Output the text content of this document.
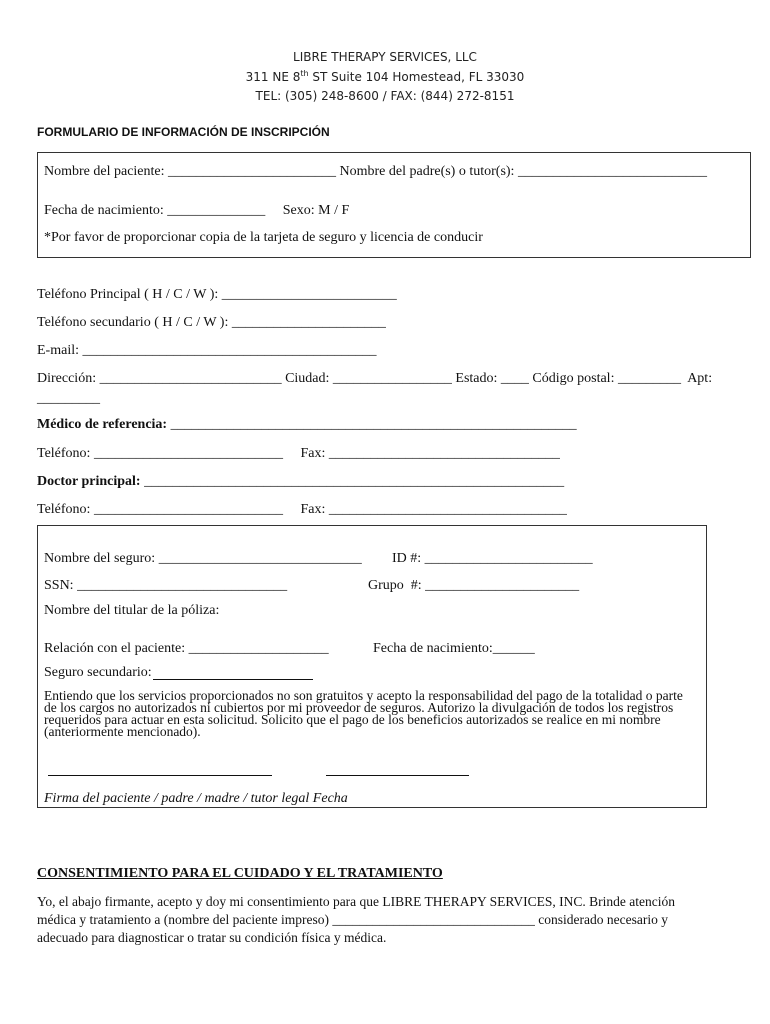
LIBRE THERAPY SERVICES, LLC
311 NE 8th ST Suite 104 Homestead, FL 33030
TEL: (305) 248-8600 / FAX: (844) 272-8151
FORMULARIO DE INFORMACIÓN DE INSCRIPCIÓN
Nombre del paciente: ________________________ Nombre del padre(s) o tutor(s): ___________________________
Fecha de nacimiento: ______________     Sexo: M / F
*Por favor de proporcionar copia de la tarjeta de seguro y licencia de conducir
Teléfono Principal ( H / C / W ): _________________________
Teléfono secundario ( H / C / W ): ______________________
E-mail: __________________________________________
Dirección: __________________________ Ciudad: _________________ Estado: ____ Código postal: _________  Apt:
_________
Médico de referencia: __________________________________________________________
Teléfono: ___________________________     Fax: _________________________________
Doctor principal: ____________________________________________________________
Teléfono: ___________________________     Fax: __________________________________
Nombre del seguro: _____________________________ ID #: ________________________
SSN: ______________________________	Grupo  #: ______________________
Nombre del titular de la póliza:
Relación con el paciente: ____________________	Fecha de nacimiento:______
Seguro secundario:
Entiendo que los servicios proporcionados no son gratuitos y acepto la responsabilidad del pago de la totalidad o parte de los cargos no autorizados ni cubiertos por mi proveedor de seguros. Autorizo la divulgación de todos los registros requeridos para actuar en esta solicitud. Solicito que el pago de los beneficios autorizados se realice en mi nombre (anteriormente mencionado).
Firma del paciente / padre / madre / tutor legal Fecha
CONSENTIMIENTO PARA EL CUIDADO Y EL TRATAMIENTO
Yo, el abajo firmante, acepto y doy mi consentimiento para que LIBRE THERAPY SERVICES, INC. Brinde atención
médica y tratamiento a (nombre del paciente impreso) ______________________________ considerado necesario y
adecuado para diagnosticar o tratar su condición física y médica.
